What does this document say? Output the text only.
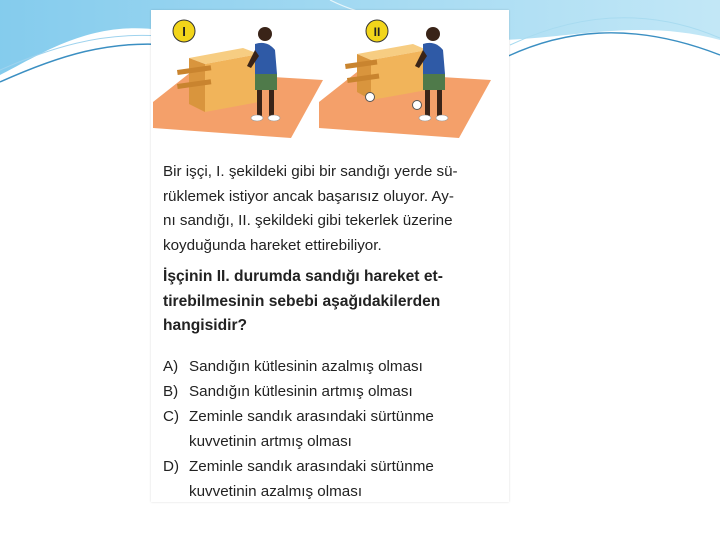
I	II
Bir işçi, I. şekildeki gibi bir sandığı yerde sü-
rüklemek istiyor ancak başarısız oluyor. Ay-
nı sandığı, II. şekildeki gibi tekerlek üzerine
koyduğunda hareket ettirebiliyor.
İşçinin II. durumda sandığı hareket et-
tirebilmesinin sebebi aşağıdakilerden
hangisidir?
A) Sandığın kütlesinin azalmış olması
B) Sandığın kütlesinin artmış olması
C) Zeminle sandık arasındaki sürtünme
kuvvetinin artmış olması
D) Zeminle sandık arasındaki sürtünme
kuvvetinin azalmış olması
